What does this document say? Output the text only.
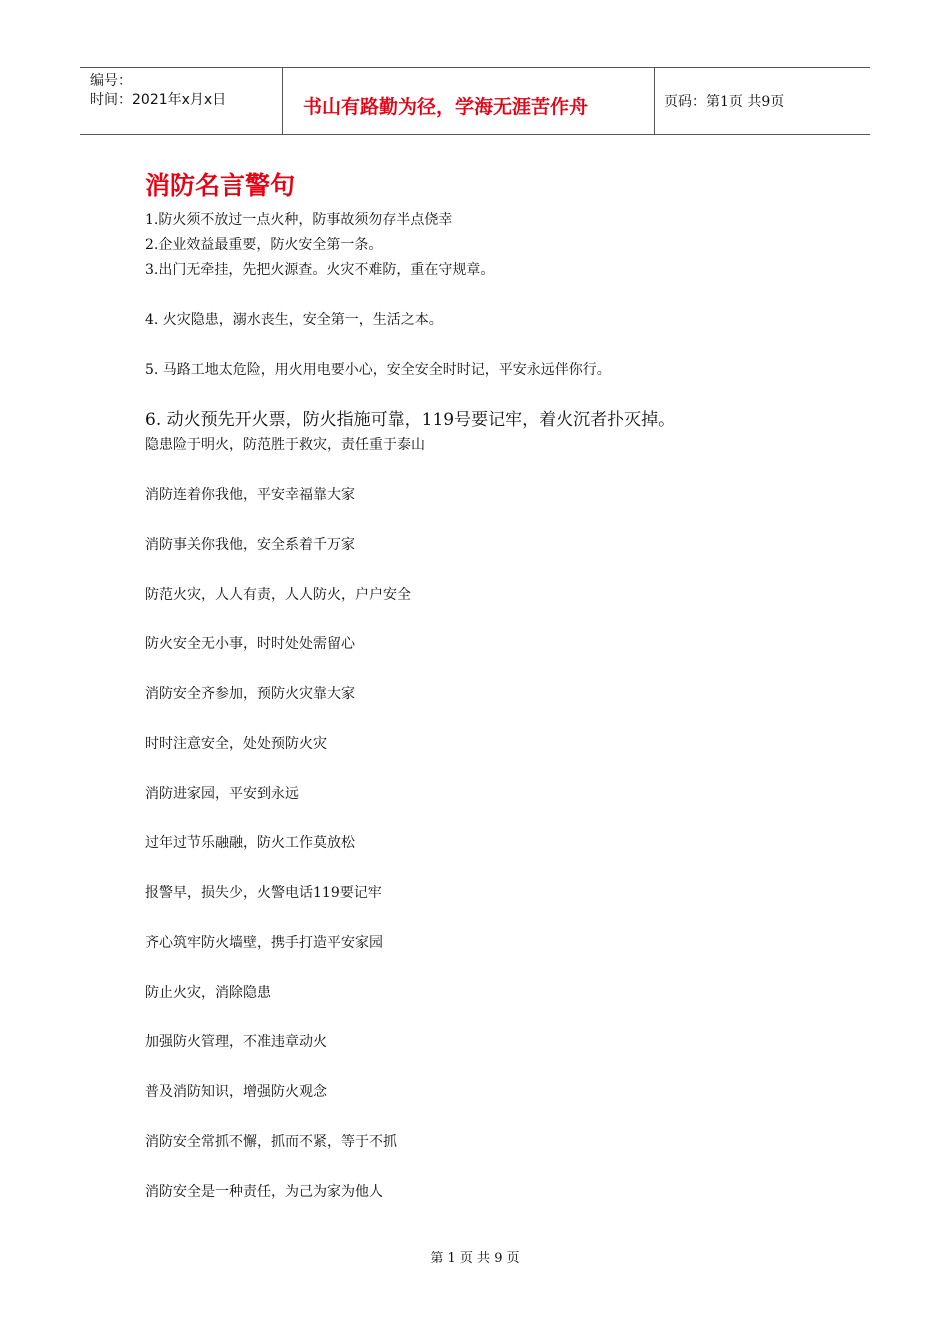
编号：
时间：2021年x月x日	书山有路勤为径，学海无涯苦作舟	页码：第1页 共9页
消防名言警句
1.防火须不放过一点火种，防事故须勿存半点侥幸
2.企业效益最重要，防火安全第一条。
3.出门无牵挂，先把火源查。火灾不难防，重在守规章。
4. 火灾隐患，溺水丧生，安全第一，生活之本。
5. 马路工地太危险，用火用电要小心，安全安全时时记，平安永远伴你行。
6. 动火预先开火票，防火指施可靠，119号要记牢，着火沉者扑灭掉。
隐患险于明火，防范胜于救灾，责任重于泰山
消防连着你我他，平安幸福靠大家
消防事关你我他，安全系着千万家
防范火灾，人人有责，人人防火，户户安全
防火安全无小事，时时处处需留心
消防安全齐参加，预防火灾靠大家
时时注意安全，处处预防火灾
消防进家园，平安到永远
过年过节乐融融，防火工作莫放松
报警早，损失少，火警电话119要记牢
齐心筑牢防火墙壁，携手打造平安家园
防止火灾，消除隐患
加强防火管理，不准违章动火
普及消防知识，增强防火观念
消防安全常抓不懈，抓而不紧，等于不抓
消防安全是一种责任，为己为家为他人
第 1 页 共 9 页
